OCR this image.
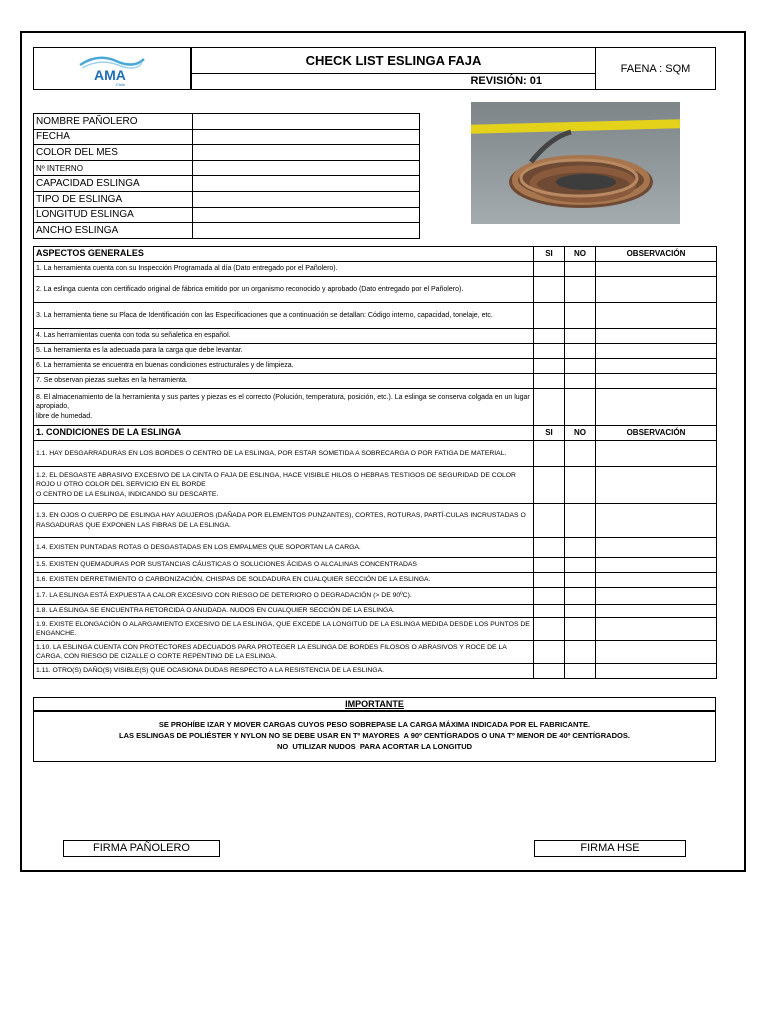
AMA
Chile
CHECK LIST ESLINGA FAJA
REVISIÓN: 01
FAENA : SQM
NOMBRE PAÑOLERO	
FECHA	
COLOR DEL MES	
Nº INTERNO	
CAPACIDAD ESLINGA	
TIPO DE ESLINGA	
LONGITUD ESLINGA	
ANCHO ESLINGA	
ASPECTOS GENERALES	SI	NO	OBSERVACIÓN
1. La herramienta cuenta con su Inspección Programada al día (Dato entregado por el Pañolero).			
2. La eslinga cuenta con certificado original de fábrica emitido por un organismo reconocido y aprobado (Dato entregado por el Pañolero).			
3. La herramienta tiene su Placa de Identificación con las Especificaciones que a continuación se detallan: Código interno, capacidad, tonelaje, etc.			
4. Las herramientas cuenta con toda su señaletica en español.			
5. La herramienta es la adecuada para la carga que debe levantar.			
6. La herramienta se encuentra en buenas condiciones estructurales y de limpieza.			
7. Se observan piezas sueltas en la herramienta.			
8. El almacenamiento de la herramienta y sus partes y piezas es el correcto (Polución, temperatura, posición, etc.). La eslinga se conserva colgada en un lugar apropiado,
libre de humedad.			
1. CONDICIONES DE LA ESLINGA	SI	NO	OBSERVACIÓN
1.1. HAY DESGARRADURAS EN LOS BORDES O CENTRO DE LA ESLINGA, POR ESTAR SOMETIDA A SOBRECARGA O POR FATIGA DE MATERIAL.			
1.2. EL DESGASTE ABRASIVO EXCESIVO DE LA CINTA O FAJA DE ESLINGA, HACE VISIBLE HILOS O HEBRAS TESTIGOS DE SEGURIDAD DE COLOR ROJO U OTRO COLOR DEL SERVICIO EN EL BORDE
O CENTRO DE LA ESLINGA, INDICANDO SU DESCARTE.			
1.3. EN OJOS O CUERPO DE ESLINGA HAY AGUJEROS (DAÑADA POR ELEMENTOS PUNZANTES), CORTES, ROTURAS, PARTÍ-CULAS INCRUSTADAS O RASGADURAS QUE EXPONEN LAS FIBRAS DE LA ESLINGA.			
1.4. EXISTEN PUNTADAS ROTAS O DESGASTADAS EN LOS EMPALMES QUE SOPORTAN LA CARGA.			
1.5. EXISTEN QUEMADURAS POR SUSTANCIAS CÁUSTICAS O SOLUCIONES ÁCIDAS O ALCALINAS CONCENTRADAS			
1.6. EXISTEN DERRETIMIENTO O CARBONIZACIÓN, CHISPAS DE SOLDADURA EN CUALQUIER SECCIÓN DE LA ESLINGA.			
1.7. LA ESLINGA ESTÁ EXPUESTA A CALOR EXCESIVO CON RIESGO DE DETERIORO O DEGRADACIÓN (> DE 90ºC).			
1.8. LA ESLINGA SE ENCUENTRA RETORCIDA O ANUDADA. NUDOS EN CUALQUIER SECCIÓN DE LA ESLINGA.			
1.9. EXISTE ELONGACIÓN O ALARGAMIENTO EXCESIVO DE LA ESLINGA, QUE EXCEDE LA LONGITUD DE LA ESLINGA MEDIDA DESDE LOS PUNTOS DE ENGANCHE.			
1.10. LA ESLINGA CUENTA CON PROTECTORES ADECUADOS PARA PROTEGER LA ESLINGA DE BORDES FILOSOS O ABRASIVOS Y ROCE DE LA CARGA, CON RIESGO DE CIZALLE O CORTE REPENTINO DE LA ESLINGA.			
1.11. OTRO(S) DAÑO(S) VISIBLE(S) QUE OCASIONA DUDAS RESPECTO A LA RESISTENCIA DE LA ESLINGA.			
IMPORTANTE
SE PROHÍBE IZAR Y MOVER CARGAS CUYOS PESO SOBREPASE LA CARGA MÁXIMA INDICADA POR EL FABRICANTE.
LAS ESLINGAS DE POLIÉSTER Y NYLON NO SE DEBE USAR EN Tº MAYORES  A 90º CENTÍGRADOS O UNA Tº MENOR DE 40º CENTÍGRADOS.
NO  UTILIZAR NUDOS  PARA ACORTAR LA LONGITUD
FIRMA PAÑOLERO	FIRMA HSE
